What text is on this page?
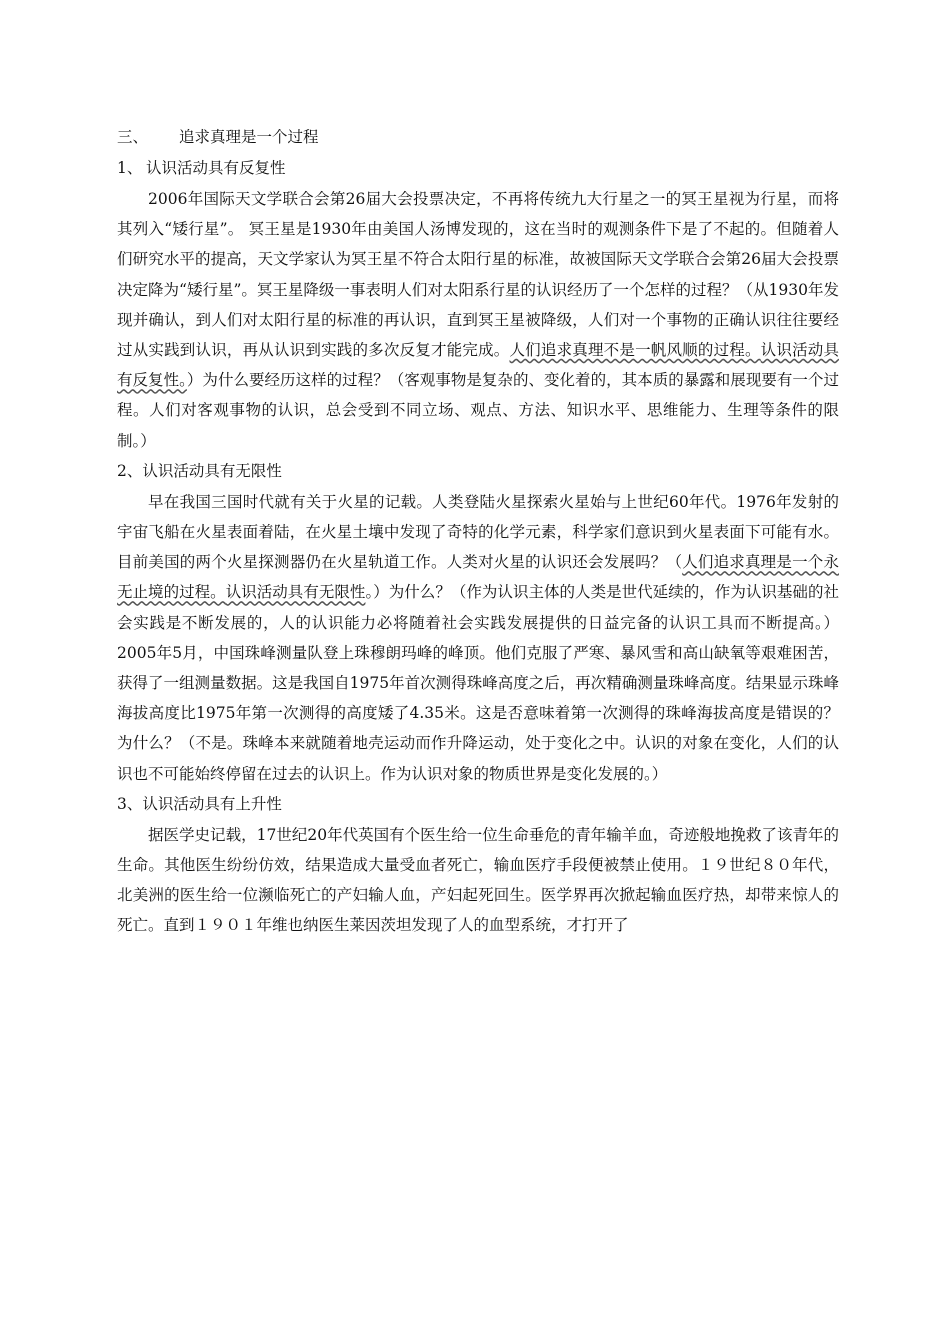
三、 追求真理是一个过程
1、 认识活动具有反复性

2006年国际天文学联合会第26届大会投票决定，不再将传统九大行星之一的冥王星视为行星，而将其列入“矮行星”。 冥王星是1930年由美国人汤博发现的，这在当时的观测条件下是了不起的。但随着人们研究水平的提高，天文学家认为冥王星不符合太阳行星的标准，故被国际天文学联合会第26届大会投票决定降为“矮行星”。冥王星降级一事表明人们对太阳系行星的认识经历了一个怎样的过程？（从1930年发现并确认，到人们对太阳行星的标准的再认识，直到冥王星被降级，人们对一个事物的正确认识往往要经过从实践到认识，再从认识到实践的多次反复才能完成。人们追求真理不是一帆风顺的过程。认识活动具有反复性。）为什么要经历这样的过程？（客观事物是复杂的、变化着的，其本质的暴露和展现要有一个过程。人们对客观事物的认识，总会受到不同立场、观点、方法、知识水平、思维能力、生理等条件的限制。）

2、认识活动具有无限性

早在我国三国时代就有关于火星的记载。人类登陆火星探索火星始与上世纪60年代。1976年发射的宇宙飞船在火星表面着陆，在火星土壤中发现了奇特的化学元素，科学家们意识到火星表面下可能有水。目前美国的两个火星探测器仍在火星轨道工作。人类对火星的认识还会发展吗？（人们追求真理是一个永无止境的过程。认识活动具有无限性。）为什么？（作为认识主体的人类是世代延续的，作为认识基础的社会实践是不断发展的，人的认识能力必将随着社会实践发展提供的日益完备的认识工具而不断提高。）2005年5月，中国珠峰测量队登上珠穆朗玛峰的峰顶。他们克服了严寒、暴风雪和高山缺氧等艰难困苦，获得了一组测量数据。这是我国自1975年首次测得珠峰高度之后，再次精确测量珠峰高度。结果显示珠峰海拔高度比1975年第一次测得的高度矮了4.35米。这是否意味着第一次测得的珠峰海拔高度是错误的？为什么？（不是。珠峰本来就随着地壳运动而作升降运动，处于变化之中。认识的对象在变化，人们的认识也不可能始终停留在过去的认识上。作为认识对象的物质世界是变化发展的。）

3、认识活动具有上升性

据医学史记载，17世纪20年代英国有个医生给一位生命垂危的青年输羊血，奇迹般地挽救了该青年的生命。其他医生纷纷仿效，结果造成大量受血者死亡，输血医疗手段便被禁止使用。１９世纪８０年代，北美洲的医生给一位濒临死亡的产妇输人血，产妇起死回生。医学界再次掀起输血医疗热，却带来惊人的死亡。直到１９０１年维也纳医生莱因茨坦发现了人的血型系统，才打开了
